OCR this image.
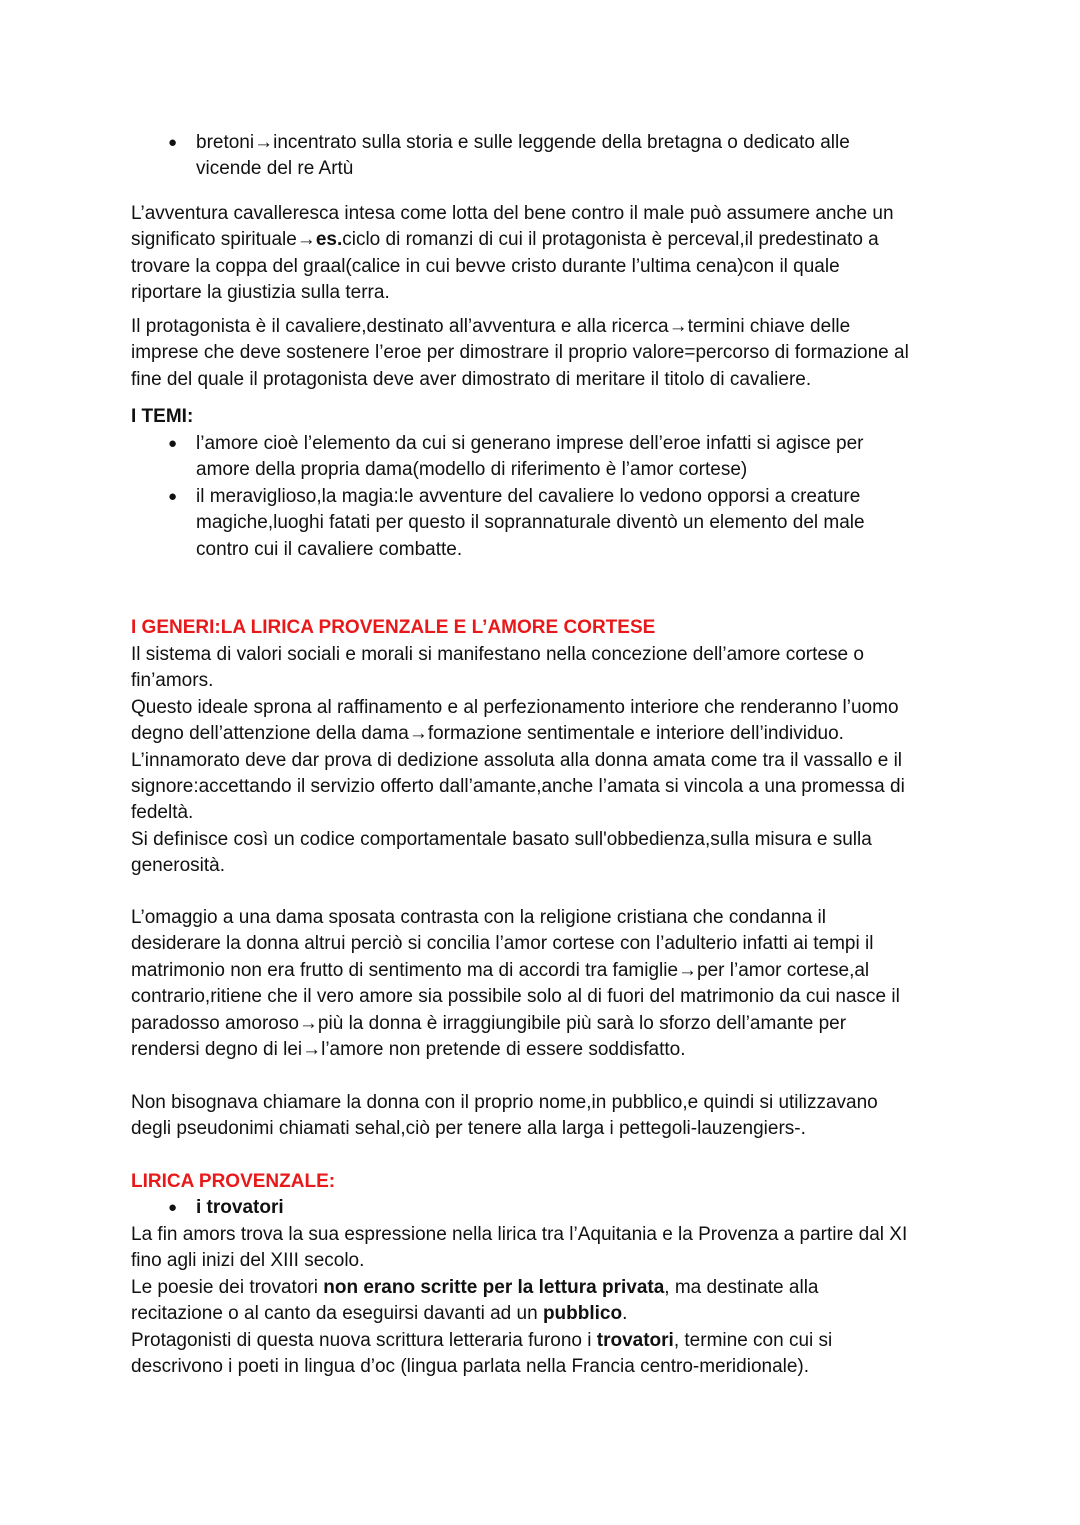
● bretoni→incentrato sulla storia e sulle leggende della bretagna o dedicato alle
vicende del re Artù
L’avventura cavalleresca intesa come lotta del bene contro il male può assumere anche un
significato spirituale→es.ciclo di romanzi di cui il protagonista è perceval,il predestinato a
trovare la coppa del graal(calice in cui bevve cristo durante l’ultima cena)con il quale
riportare la giustizia sulla terra.
Il protagonista è il cavaliere,destinato all’avventura e alla ricerca→termini chiave delle
imprese che deve sostenere l’eroe per dimostrare il proprio valore=percorso di formazione al
fine del quale il protagonista deve aver dimostrato di meritare il titolo di cavaliere.
I TEMI:
● l’amore cioè l’elemento da cui si generano imprese dell’eroe infatti si agisce per
amore della propria dama(modello di riferimento è l’amor cortese)
● il meraviglioso,la magia:le avventure del cavaliere lo vedono opporsi a creature
magiche,luoghi fatati per questo il soprannaturale diventò un elemento del male
contro cui il cavaliere combatte.
I GENERI:LA LIRICA PROVENZALE E L’AMORE CORTESE
Il sistema di valori sociali e morali si manifestano nella concezione dell’amore cortese o
fin’amors.
Questo ideale sprona al raffinamento e al perfezionamento interiore che renderanno l’uomo
degno dell’attenzione della dama→formazione sentimentale e interiore dell’individuo.
L’innamorato deve dar prova di dedizione assoluta alla donna amata come tra il vassallo e il
signore:accettando il servizio offerto dall’amante,anche l’amata si vincola a una promessa di
fedeltà.
Si definisce così un codice comportamentale basato sull'obbedienza,sulla misura e sulla
generosità.
L’omaggio a una dama sposata contrasta con la religione cristiana che condanna il
desiderare la donna altrui perciò si concilia l’amor cortese con l’adulterio infatti ai tempi il
matrimonio non era frutto di sentimento ma di accordi tra famiglie→per l’amor cortese,al
contrario,ritiene che il vero amore sia possibile solo al di fuori del matrimonio da cui nasce il
paradosso amoroso→più la donna è irraggiungibile più sarà lo sforzo dell’amante per
rendersi degno di lei→l’amore non pretende di essere soddisfatto.
Non bisognava chiamare la donna con il proprio nome,in pubblico,e quindi si utilizzavano
degli pseudonimi chiamati sehal,ciò per tenere alla larga i pettegoli-lauzengiers-.
LIRICA PROVENZALE:
● i trovatori
La fin amors trova la sua espressione nella lirica tra l’Aquitania e la Provenza a partire dal XI
fino agli inizi del XIII secolo.
Le poesie dei trovatori non erano scritte per la lettura privata, ma destinate alla
recitazione o al canto da eseguirsi davanti ad un pubblico.
Protagonisti di questa nuova scrittura letteraria furono i trovatori, termine con cui si
descrivono i poeti in lingua d’oc (lingua parlata nella Francia centro-meridionale).
